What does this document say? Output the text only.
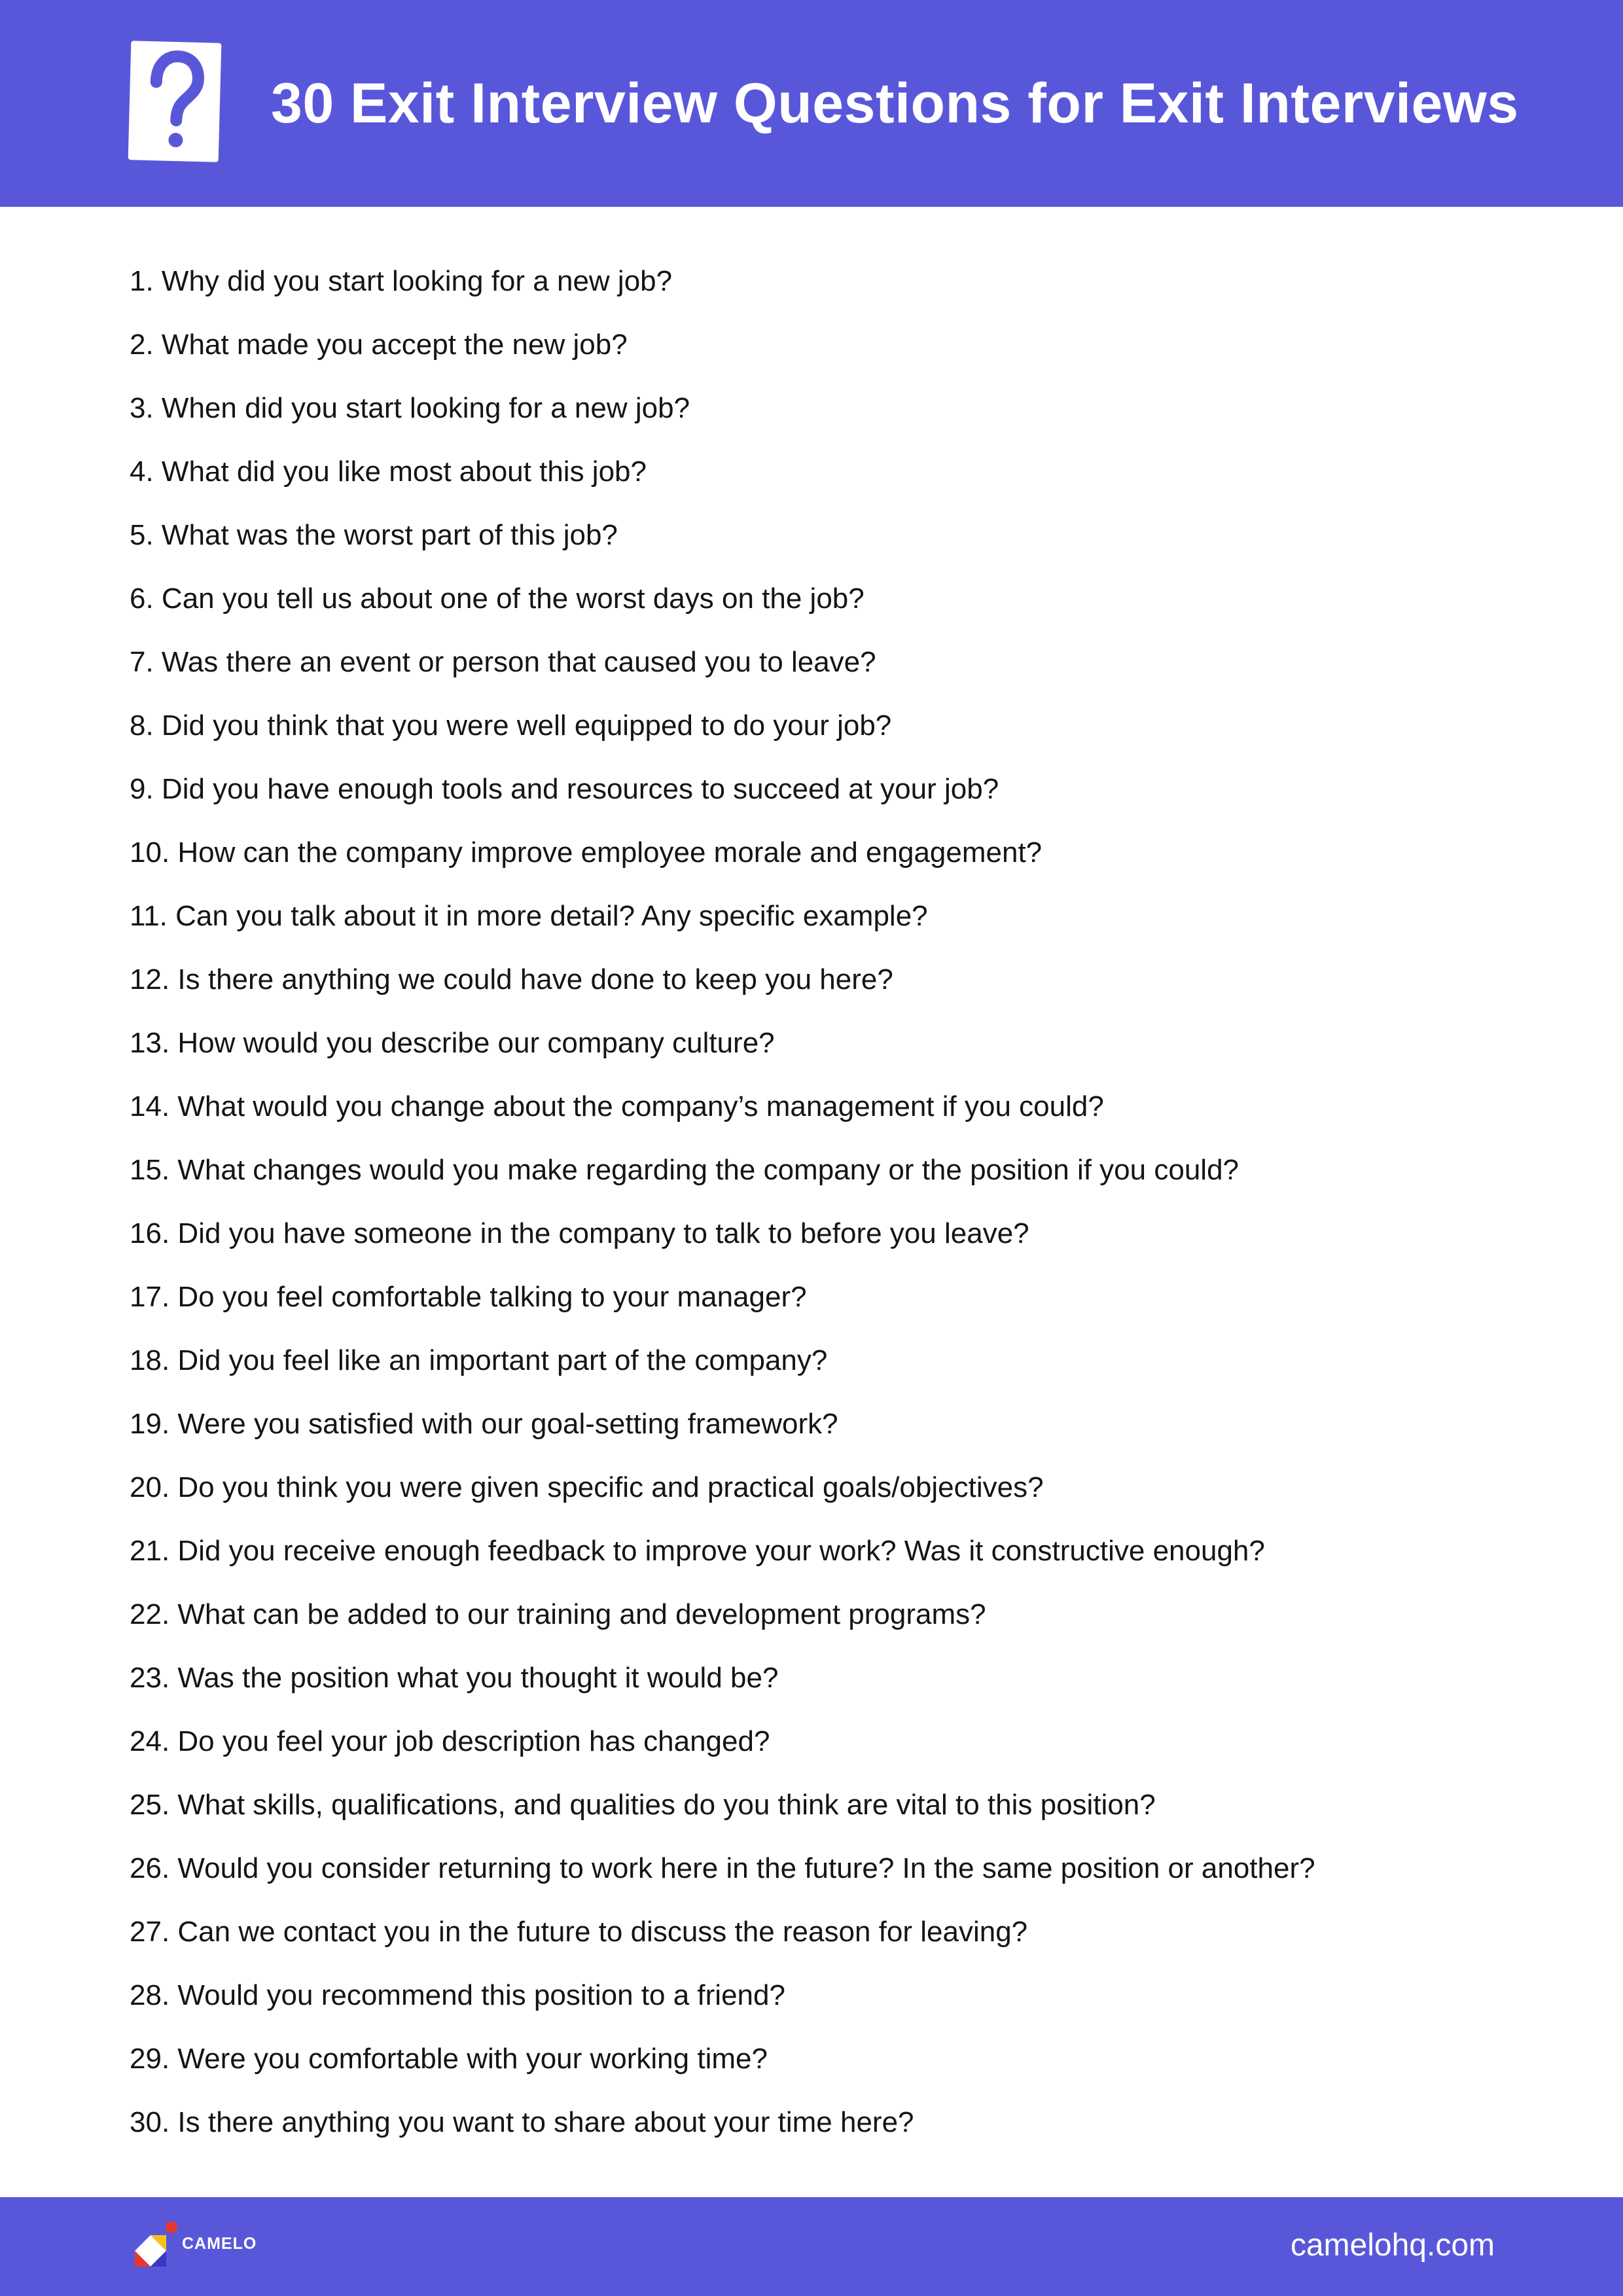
30 Exit Interview Questions for Exit Interviews
1. Why did you start looking for a new job?
2. What made you accept the new job?
3. When did you start looking for a new job?
4. What did you like most about this job?
5. What was the worst part of this job?
6. Can you tell us about one of the worst days on the job?
7. Was there an event or person that caused you to leave?
8. Did you think that you were well equipped to do your job?
9. Did you have enough tools and resources to succeed at your job?
10. How can the company improve employee morale and engagement?
11. Can you talk about it in more detail? Any specific example?
12. Is there anything we could have done to keep you here?
13. How would you describe our company culture?
14. What would you change about the company’s management if you could?
15. What changes would you make regarding the company or the position if you could?
16. Did you have someone in the company to talk to before you leave?
17. Do you feel comfortable talking to your manager?
18. Did you feel like an important part of the company?
19. Were you satisfied with our goal-setting framework?
20. Do you think you were given specific and practical goals/objectives?
21. Did you receive enough feedback to improve your work? Was it constructive enough?
22. What can be added to our training and development programs?
23. Was the position what you thought it would be?
24. Do you feel your job description has changed?
25. What skills, qualifications, and qualities do you think are vital to this position?
26. Would you consider returning to work here in the future? In the same position or another?
27. Can we contact you in the future to discuss the reason for leaving?
28. Would you recommend this position to a friend?
29. Were you comfortable with your working time?
30. Is there anything you want to share about your time here?
CAMELO	camelohq.com
